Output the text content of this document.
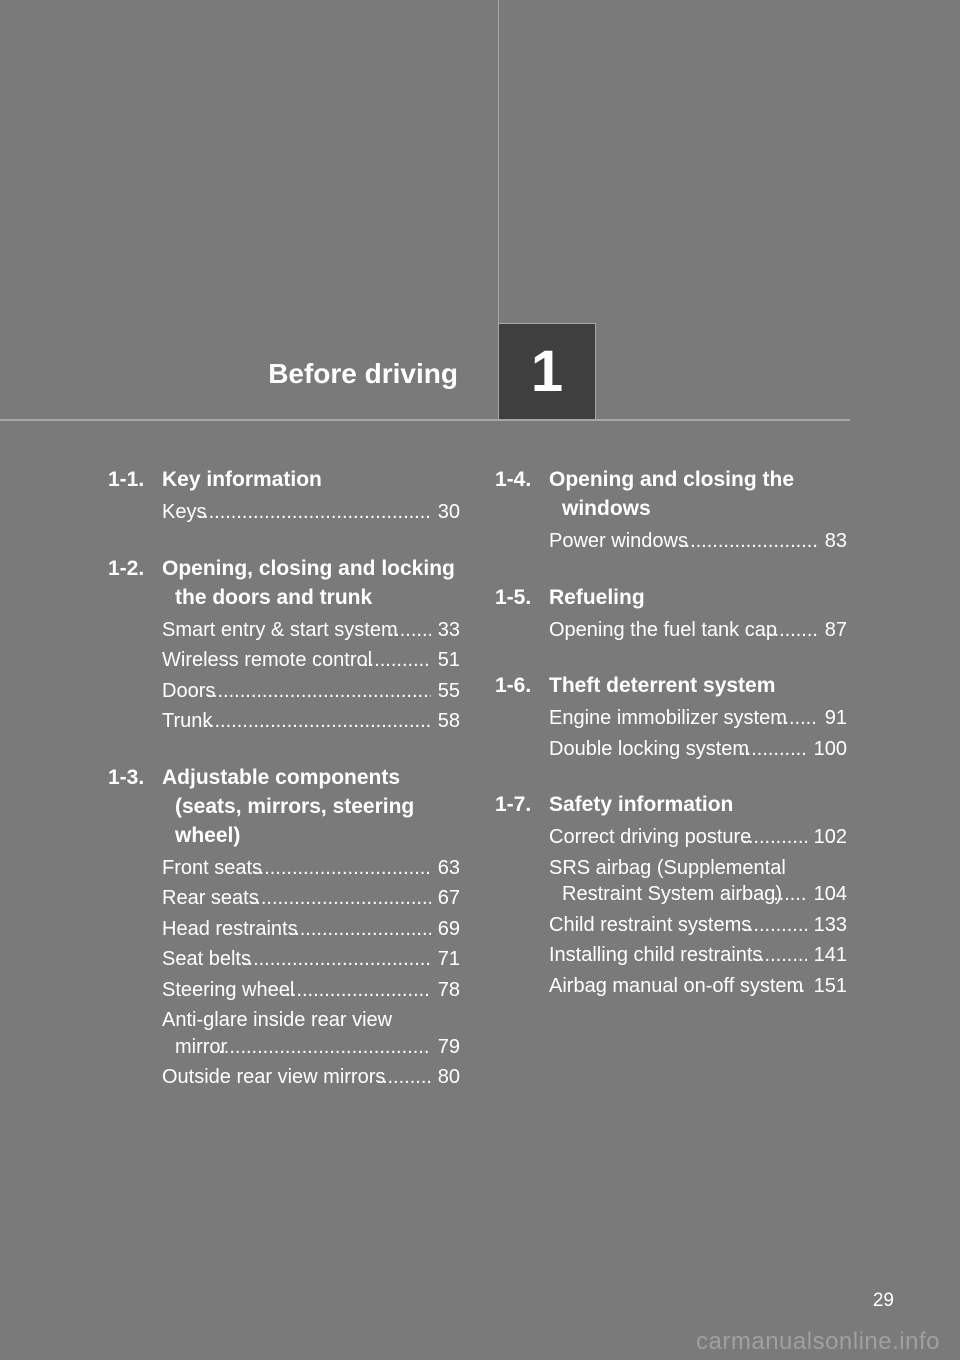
1
Before driving
1-1. Key information
Keys .....	30
1-2. Opening, closing and locking the doors and trunk
Smart entry & start system .....	33
Wireless remote control .....	51
Doors .....	55
Trunk .....	58
1-3. Adjustable components (seats, mirrors, steering wheel)
Front seats .....	63
Rear seats .....	67
Head restraints .....	69
Seat belts .....	71
Steering wheel .....	78
Anti-glare inside rear view mirror .....	79
Outside rear view mirrors .....	80
1-4. Opening and closing the windows
Power windows .....	83
1-5. Refueling
Opening the fuel tank cap .....	87
1-6. Theft deterrent system
Engine immobilizer system .....	91
Double locking system .....	100
1-7. Safety information
Correct driving posture .....	102
SRS airbag (Supplemental Restraint System airbag) .....	104
Child restraint systems .....	133
Installing child restraints .....	141
Airbag manual on-off system ..... 151
29
carmanualsonline.info
